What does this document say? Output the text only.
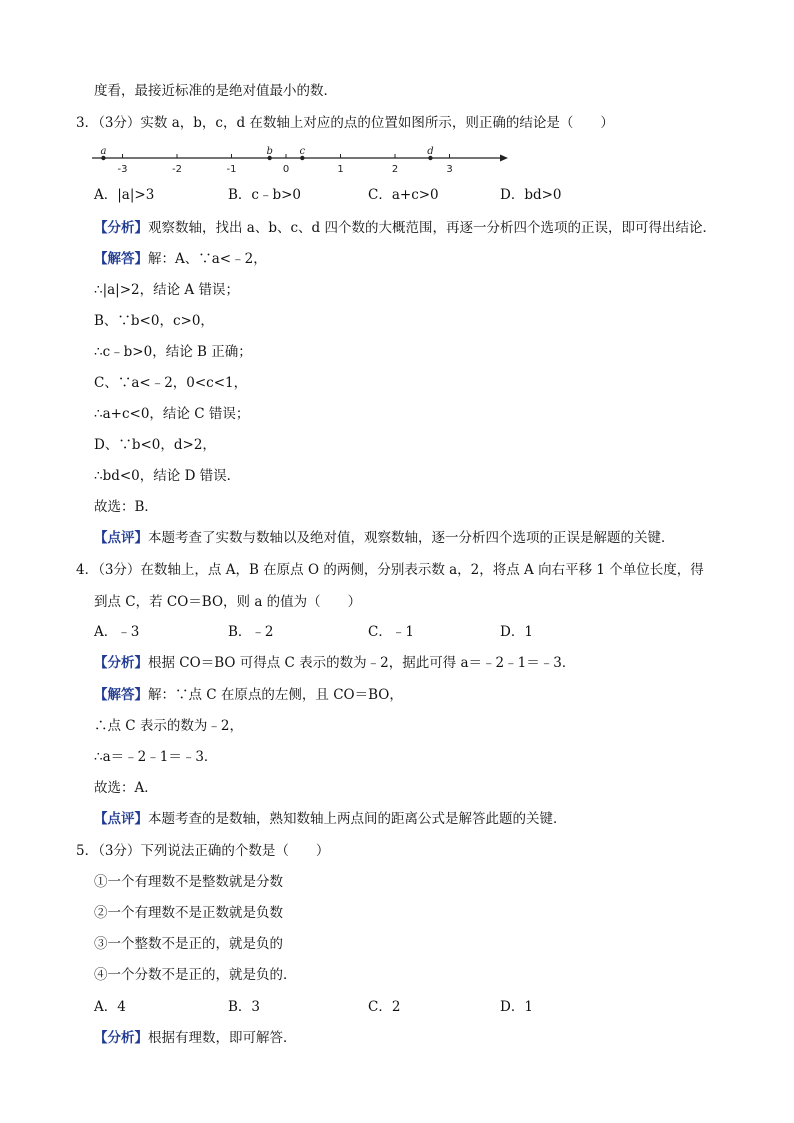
度看，最接近标准的是绝对值最小的数．
3．（3分）实数 a，b，c，d 在数轴上对应的点的位置如图所示，则正确的结论是（　　）
-3	-2	-1	0	1	2	3
a	b	c	d
A．|a|>3	B．c﹣b>0	C．a+c>0	D．bd>0
【分析】观察数轴，找出 a、b、c、d 四个数的大概范围，再逐一分析四个选项的正误，即可得出结论．
【解答】解：A、∵a<﹣2，
∴|a|>2，结论 A 错误；
B、∵b<0，c>0，
∴c﹣b>0，结论 B 正确；
C、∵a<﹣2，0<c<1，
∴a+c<0，结论 C 错误；
D、∵b<0，d>2，
∴bd<0，结论 D 错误．
故选：B．
【点评】本题考查了实数与数轴以及绝对值，观察数轴，逐一分析四个选项的正误是解题的关键．
4．（3分）在数轴上，点 A，B 在原点 O 的两侧，分别表示数 a，2，将点 A 向右平移 1 个单位长度，得
到点 C，若 CO＝BO，则 a 的值为（　　）
A．﹣3	B．﹣2	C．﹣1	D．1
【分析】根据 CO＝BO 可得点 C 表示的数为﹣2，据此可得 a＝﹣2﹣1＝﹣3．
【解答】解：∵点 C 在原点的左侧，且 CO＝BO，
∴点 C 表示的数为﹣2，
∴a＝﹣2﹣1＝﹣3．
故选：A．
【点评】本题考查的是数轴，熟知数轴上两点间的距离公式是解答此题的关键．
5．（3分）下列说法正确的个数是（　　）
①一个有理数不是整数就是分数
②一个有理数不是正数就是负数
③一个整数不是正的，就是负的
④一个分数不是正的，就是负的．
A．4	B．3	C．2	D．1
【分析】根据有理数，即可解答．
